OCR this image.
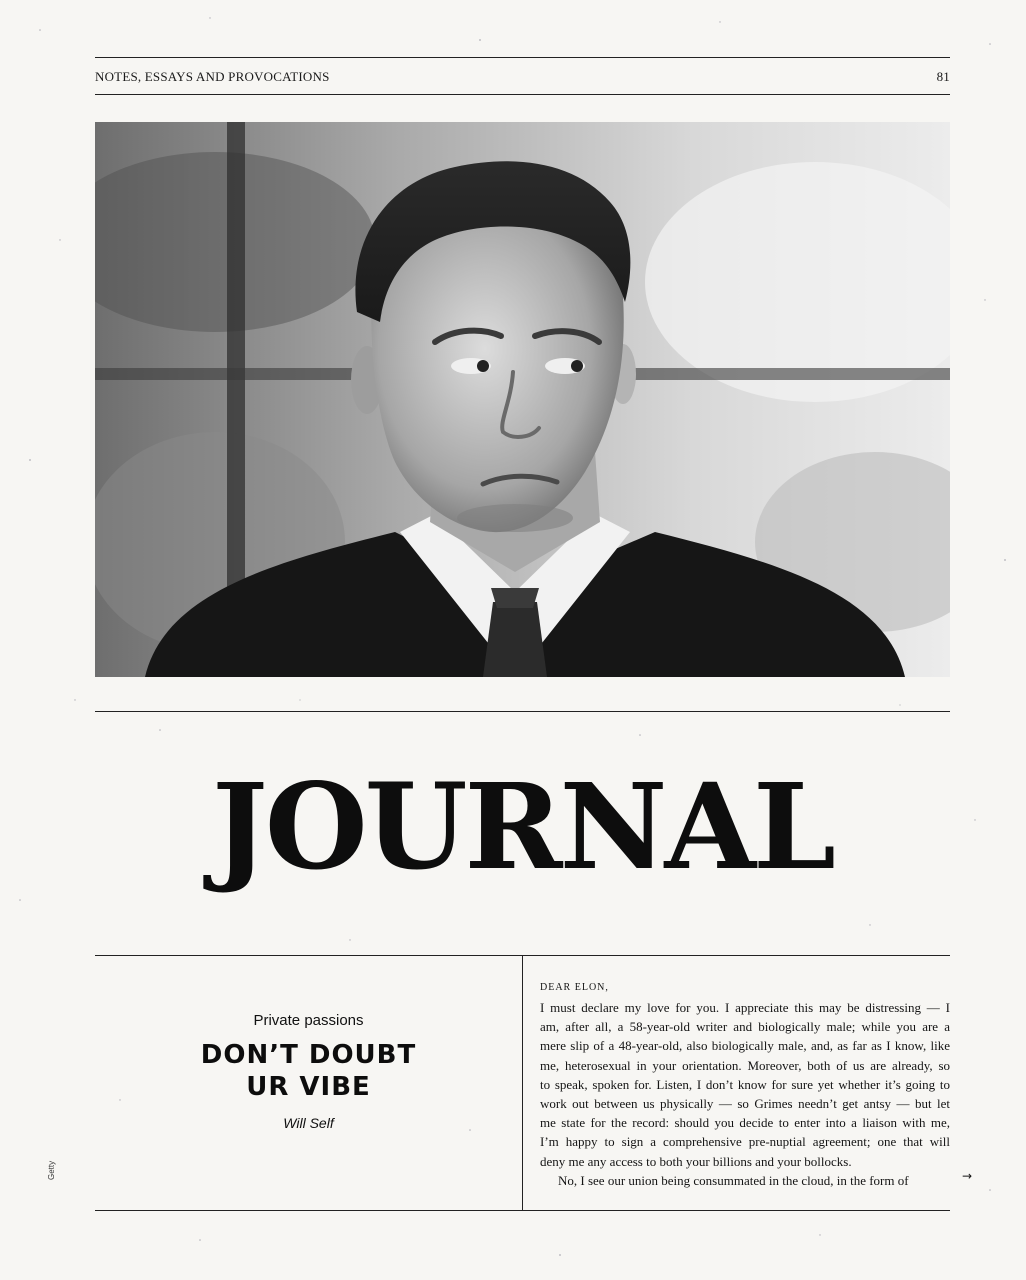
NOTES, ESSAYS AND PROVOCATIONS	81
JOURNAL
Private passions
DON’T DOUBT
UR VIBE
Will Self
Getty
DEAR ELON,
I must declare my love for you. I appreciate this may be distressing — I
am, after all, a 58-year-old writer and biologically male; while you are a
mere slip of a 48-year-old, also biologically male, and, as far as I know, like
me, heterosexual in your orientation. Moreover, both of us are already, so
to speak, spoken for. Listen, I don’t know for sure yet whether it’s going to
work out between us physically — so Grimes needn’t get antsy — but let
me state for the record: should you decide to enter into a liaison with me,
I’m happy to sign a comprehensive pre-nuptial agreement; one that will
deny me any access to both your billions and your bollocks.
No, I see our union being consummated in the cloud, in the form of	→
